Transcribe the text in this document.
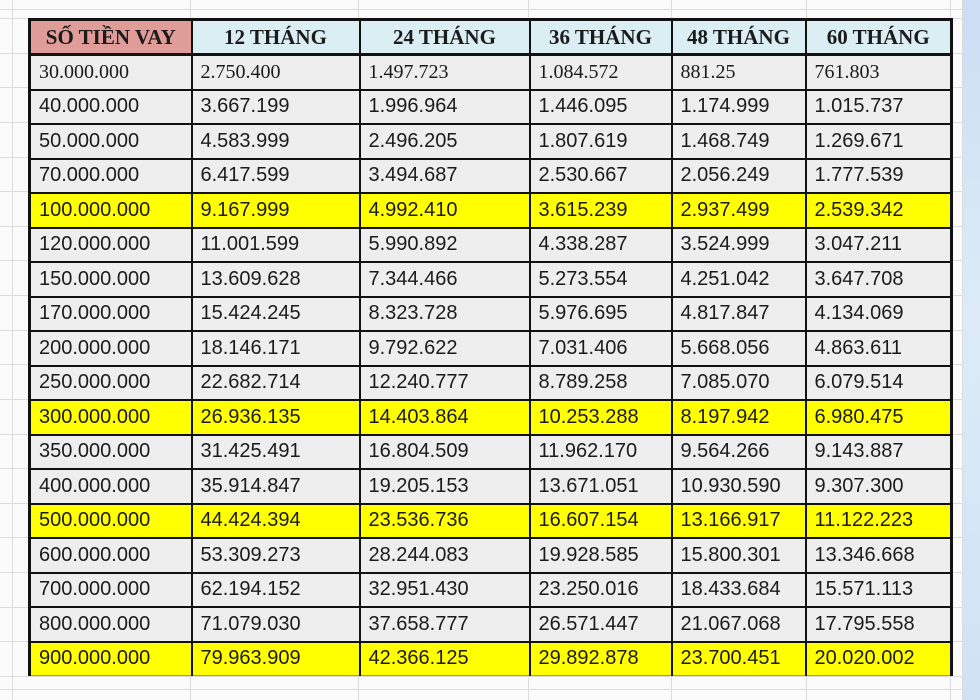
SỐ TIỀN VAY	12 THÁNG	24 THÁNG	36 THÁNG	48 THÁNG	60 THÁNG
30.000.000	2.750.400	1.497.723	1.084.572	881.25	761.803
40.000.000	3.667.199	1.996.964	1.446.095	1.174.999	1.015.737
50.000.000	4.583.999	2.496.205	1.807.619	1.468.749	1.269.671
70.000.000	6.417.599	3.494.687	2.530.667	2.056.249	1.777.539
100.000.000	9.167.999	4.992.410	3.615.239	2.937.499	2.539.342
120.000.000	11.001.599	5.990.892	4.338.287	3.524.999	3.047.211
150.000.000	13.609.628	7.344.466	5.273.554	4.251.042	3.647.708
170.000.000	15.424.245	8.323.728	5.976.695	4.817.847	4.134.069
200.000.000	18.146.171	9.792.622	7.031.406	5.668.056	4.863.611
250.000.000	22.682.714	12.240.777	8.789.258	7.085.070	6.079.514
300.000.000	26.936.135	14.403.864	10.253.288	8.197.942	6.980.475
350.000.000	31.425.491	16.804.509	11.962.170	9.564.266	9.143.887
400.000.000	35.914.847	19.205.153	13.671.051	10.930.590	9.307.300
500.000.000	44.424.394	23.536.736	16.607.154	13.166.917	11.122.223
600.000.000	53.309.273	28.244.083	19.928.585	15.800.301	13.346.668
700.000.000	62.194.152	32.951.430	23.250.016	18.433.684	15.571.113
800.000.000	71.079.030	37.658.777	26.571.447	21.067.068	17.795.558
900.000.000	79.963.909	42.366.125	29.892.878	23.700.451	20.020.002
